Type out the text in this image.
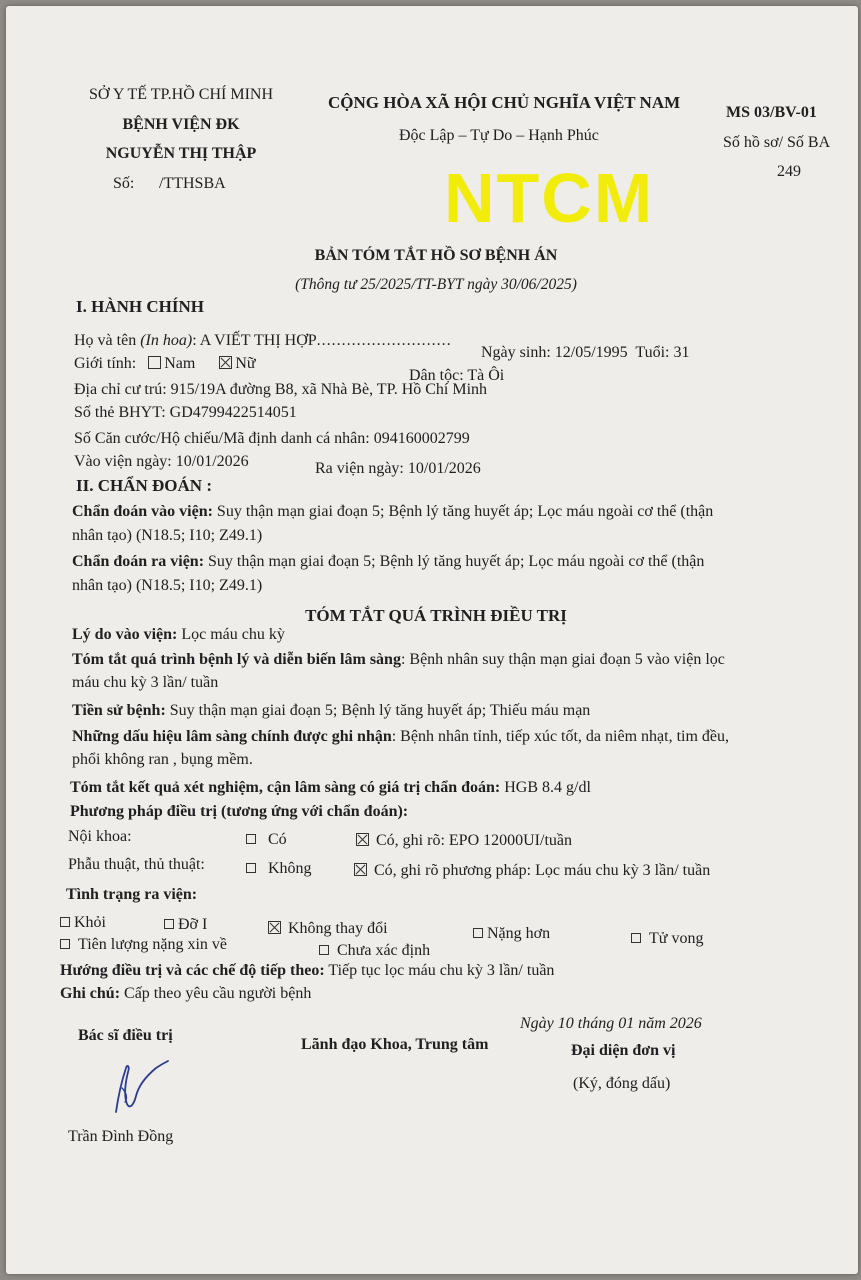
SỞ Y TẾ TP.HỒ CHÍ MINH
BỆNH VIỆN ĐK
NGUYỄN THỊ THẬP
Số: /TTHSBA
CỘNG HÒA XÃ HỘI CHỦ NGHĨA VIỆT NAM
Độc Lập – Tự Do – Hạnh Phúc
MS 03/BV-01
Số hồ sơ/ Số BA
249
NTCM
BẢN TÓM TẮT HỒ SƠ BỆNH ÁN
(Thông tư 25/2025/TT-BYT ngày 30/06/2025)
I. HÀNH CHÍNH
Họ và tên (In hoa): A VIẾT THỊ HỢP...........................
Ngày sinh: 12/05/1995 Tuổi: 31
Giới tính: Nam	Nữ
Dân tộc: Tà Ôi
Địa chỉ cư trú: 915/19A đường B8, xã Nhà Bè, TP. Hồ Chí Minh
Số thẻ BHYT: GD4799422514051
Số Căn cước/Hộ chiếu/Mã định danh cá nhân: 094160002799
Vào viện ngày: 10/01/2026	Ra viện ngày: 10/01/2026
II. CHẨN ĐOÁN :
Chẩn đoán vào viện: Suy thận mạn giai đoạn 5; Bệnh lý tăng huyết áp; Lọc máu ngoài cơ thể (thận
nhân tạo) (N18.5; I10; Z49.1)
Chẩn đoán ra viện: Suy thận mạn giai đoạn 5; Bệnh lý tăng huyết áp; Lọc máu ngoài cơ thể (thận
nhân tạo) (N18.5; I10; Z49.1)
TÓM TẮT QUÁ TRÌNH ĐIỀU TRỊ
Lý do vào viện: Lọc máu chu kỳ
Tóm tắt quá trình bệnh lý và diễn biến lâm sàng: Bệnh nhân suy thận mạn giai đoạn 5 vào viện lọc
máu chu kỳ 3 lần/ tuần
Tiền sử bệnh: Suy thận mạn giai đoạn 5; Bệnh lý tăng huyết áp; Thiếu máu mạn
Những dấu hiệu lâm sàng chính được ghi nhận: Bệnh nhân tỉnh, tiếp xúc tốt, da niêm nhạt, tim đều,
phổi không ran , bụng mềm.
Tóm tắt kết quả xét nghiệm, cận lâm sàng có giá trị chẩn đoán: HGB 8.4 g/dl
Phương pháp điều trị (tương ứng với chẩn đoán):
Nội khoa:	Có	Có, ghi rõ: EPO 12000UI/tuần
Phẫu thuật, thủ thuật:	Không	Có, ghi rõ phương pháp: Lọc máu chu kỳ 3 lần/ tuần
Tình trạng ra viện:
Khỏi	Đỡ I	Không thay đổi	Nặng hơn	Tử vong
Tiên lượng nặng xin về	Chưa xác định
Hướng điều trị và các chế độ tiếp theo: Tiếp tục lọc máu chu kỳ 3 lần/ tuần
Ghi chú: Cấp theo yêu cầu người bệnh
Ngày 10 tháng 01 năm 2026
Bác sĩ điều trị
Lãnh đạo Khoa, Trung tâm	Đại diện đơn vị
(Ký, đóng dấu)
Trần Đình Đồng
